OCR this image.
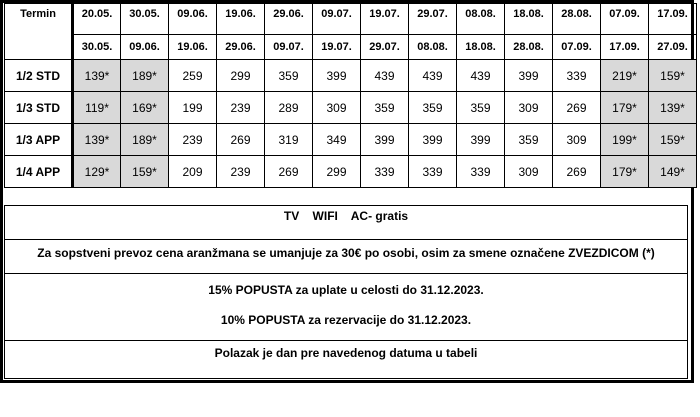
Termin	20.05.	30.05.	09.06.	19.06.	29.06.	09.07.	19.07.	29.07.	08.08.	18.08.	28.08.	07.09.	17.09.
	30.05.	09.06.	19.06.	29.06.	09.07.	19.07.	29.07.	08.08.	18.08.	28.08.	07.09.	17.09.	27.09.
1/2 STD	139*	189*	259	299	359	399	439	439	439	399	339	219*	159*
1/3 STD	119*	169*	199	239	289	309	359	359	359	309	269	179*	139*
1/3 APP	139*	189*	239	269	319	349	399	399	399	359	309	199*	159*
1/4 APP	129*	159*	209	239	269	299	339	339	339	309	269	179*	149*
TV    WIFI    AC- gratis
Za sopstveni prevoz cena aranžmana se umanjuje za 30€ po osobi, osim za smene označene ZVEZDICOM (*)
15% POPUSTA za uplate u celosti do 31.12.2023.
10% POPUSTA za rezervacije do 31.12.2023.
Polazak je dan pre navedenog datuma u tabeli
